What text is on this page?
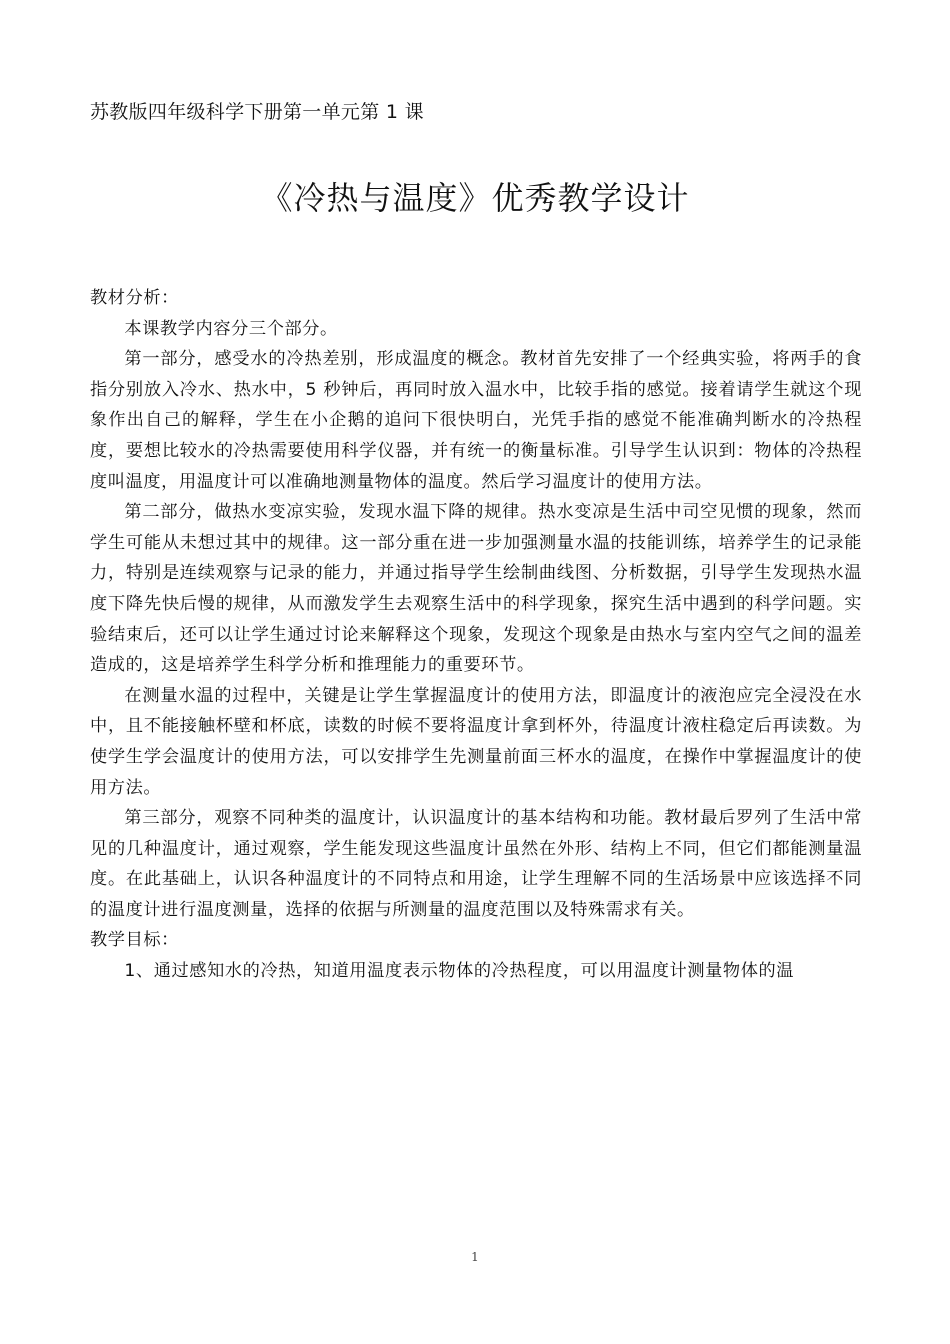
苏教版四年级科学下册第一单元第 1 课
《冷热与温度》优秀教学设计

教材分析：

本课教学内容分三个部分。

第一部分，感受水的冷热差别，形成温度的概念。教材首先安排了一个经典实验，将两手的食指分别放入冷水、热水中，5 秒钟后，再同时放入温水中，比较手指的感觉。接着请学生就这个现象作出自己的解释，学生在小企鹅的追问下很快明白，光凭手指的感觉不能准确判断水的冷热程度，要想比较水的冷热需要使用科学仪器，并有统一的衡量标准。引导学生认识到：物体的冷热程度叫温度，用温度计可以准确地测量物体的温度。然后学习温度计的使用方法。

第二部分，做热水变凉实验，发现水温下降的规律。热水变凉是生活中司空见惯的现象，然而学生可能从未想过其中的规律。这一部分重在进一步加强测量水温的技能训练，培养学生的记录能力，特别是连续观察与记录的能力，并通过指导学生绘制曲线图、分析数据，引导学生发现热水温度下降先快后慢的规律，从而激发学生去观察生活中的科学现象，探究生活中遇到的科学问题。实验结束后，还可以让学生通过讨论来解释这个现象，发现这个现象是由热水与室内空气之间的温差造成的，这是培养学生科学分析和推理能力的重要环节。

在测量水温的过程中，关键是让学生掌握温度计的使用方法，即温度计的液泡应完全浸没在水中，且不能接触杯壁和杯底，读数的时候不要将温度计拿到杯外，待温度计液柱稳定后再读数。为使学生学会温度计的使用方法，可以安排学生先测量前面三杯水的温度，在操作中掌握温度计的使用方法。

第三部分，观察不同种类的温度计，认识温度计的基本结构和功能。教材最后罗列了生活中常见的几种温度计，通过观察，学生能发现这些温度计虽然在外形、结构上不同，但它们都能测量温度。在此基础上，认识各种温度计的不同特点和用途，让学生理解不同的生活场景中应该选择不同的温度计进行温度测量，选择的依据与所测量的温度范围以及特殊需求有关。

教学目标：

1、通过感知水的冷热，知道用温度表示物体的冷热程度，可以用温度计测量物体的温

1
